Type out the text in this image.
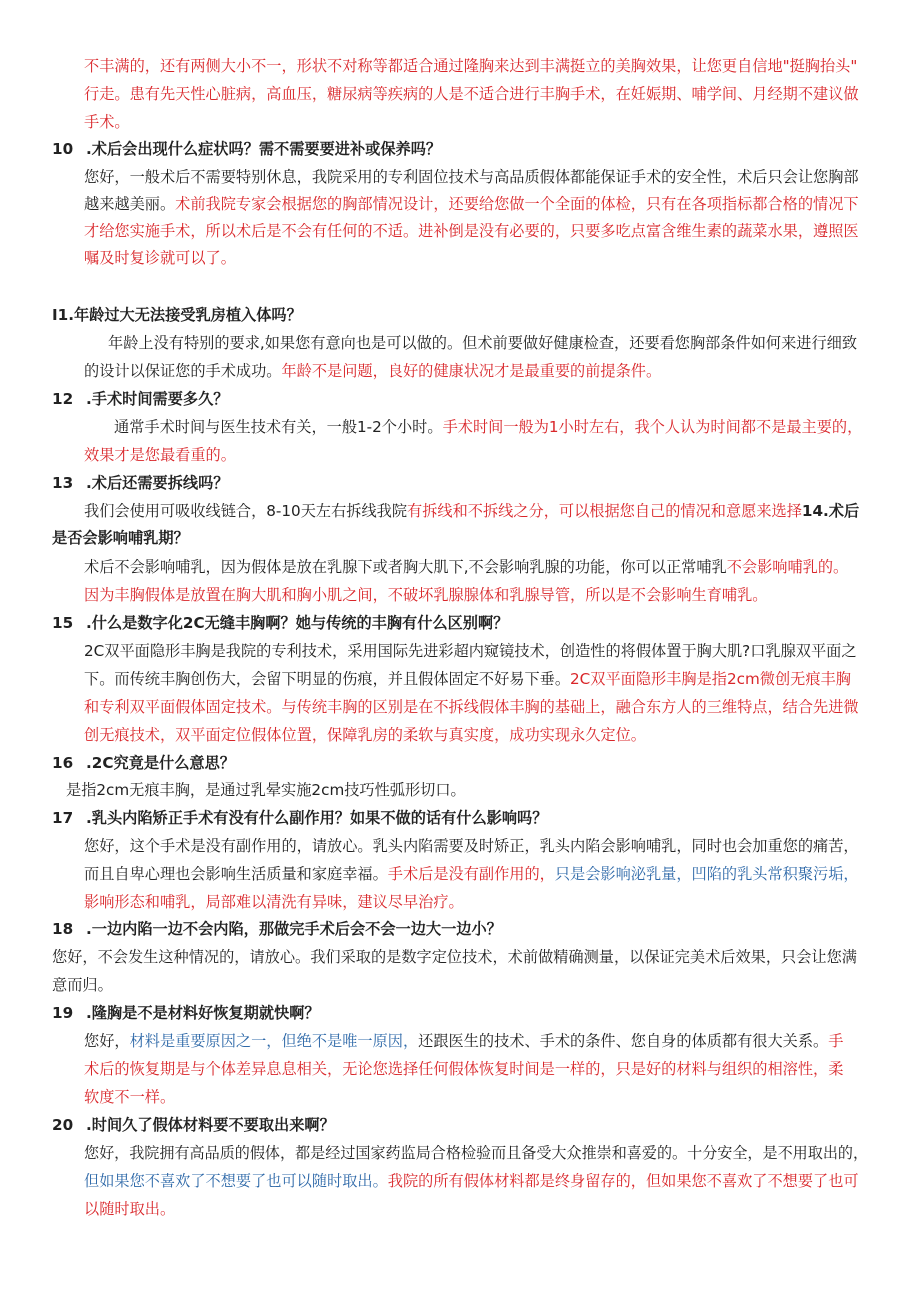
不丰满的，还有两侧大小不一，形状不对称等都适合通过隆胸来达到丰满挺立的美胸效果，让您更自信地"挺胸抬头"
行走。患有先天性心脏病，高血压，糖尿病等疾病的人是不适合进行丰胸手术，在妊娠期、哺学间、月经期不建议做
手术。
10 .术后会出现什么症状吗？需不需要要进补或保养吗？
您好，一般术后不需要特别休息，我院采用的专利固位技术与高品质假体都能保证手术的安全性，术后只会让您胸部
越来越美丽。术前我院专家会根据您的胸部情况设计，还要给您做一个全面的体检，只有在各项指标都合格的情况下
才给您实施手术，所以术后是不会有任何的不适。进补倒是没有必要的，只要多吃点富含维生素的蔬菜水果，遵照医
嘱及时复诊就可以了。
I1.年龄过大无法接受乳房植入体吗？
年龄上没有特别的要求,如果您有意向也是可以做的。但术前要做好健康检查，还要看您胸部条件如何来进行细致
的设计以保证您的手术成功。年龄不是问题，良好的健康状况才是最重要的前提条件。
12 .手术时间需要多久？
通常手术时间与医生技术有关，一般1-2个小时。手术时间一般为1小时左右，我个人认为时间都不是最主要的，
效果才是您最看重的。
13 .术后还需要拆线吗？
我们会使用可吸收线链合，8-10天左右拆线我院有拆线和不拆线之分，可以根据您自己的情况和意愿来选择14.术后
是否会影响哺乳期？
术后不会影响哺乳，因为假体是放在乳腺下或者胸大肌下,不会影响乳腺的功能，你可以正常哺乳不会影响哺乳的。
因为丰胸假体是放置在胸大肌和胸小肌之间，不破坏乳腺腺体和乳腺导管，所以是不会影响生育哺乳。
15 .什么是数字化2C无缝丰胸啊？她与传统的丰胸有什么区别啊？
2C双平面隐形丰胸是我院的专利技术，采用国际先进彩超内窥镜技术，创造性的将假体置于胸大肌?口乳腺双平面之
下。而传统丰胸创伤大，会留下明显的伤痕，并且假体固定不好易下垂。2C双平面隐形丰胸是指2cm微创无痕丰胸
和专利双平面假体固定技术。与传统丰胸的区别是在不拆线假体丰胸的基础上，融合东方人的三维特点，结合先进微
创无痕技术，双平面定位假体位置，保障乳房的柔软与真实度，成功实现永久定位。
16 .2C究竟是什么意思？
是指2cm无痕丰胸，是通过乳晕实施2cm技巧性弧形切口。
17 .乳头内陷矫正手术有没有什么副作用？如果不做的话有什么影响吗？
您好，这个手术是没有副作用的，请放心。乳头内陷需要及时矫正，乳头内陷会影响哺乳，同时也会加重您的痛苦，
而且自卑心理也会影响生活质量和家庭幸福。手术后是没有副作用的，只是会影响泌乳量，凹陷的乳头常积聚污垢，
影响形态和哺乳，局部难以清洗有异味，建议尽早治疗。
18 .一边内陷一边不会内陷，那做完手术后会不会一边大一边小？
您好，不会发生这种情况的，请放心。我们采取的是数字定位技术，术前做精确测量，以保证完美术后效果，只会让您满
意而归。
19 .隆胸是不是材料好恢复期就快啊？
您好，材料是重要原因之一，但绝不是唯一原因，还跟医生的技术、手术的条件、您自身的体质都有很大关系。手
术后的恢复期是与个体差异息息相关，无论您选择任何假体恢复时间是一样的，只是好的材料与组织的相溶性，柔
软度不一样。
20 .时间久了假体材料要不要取出来啊？
您好，我院拥有高品质的假体，都是经过国家药监局合格检验而且备受大众推崇和喜爱的。十分安全，是不用取出的，
但如果您不喜欢了不想要了也可以随时取出。我院的所有假体材料都是终身留存的，但如果您不喜欢了不想要了也可
以随时取出。
